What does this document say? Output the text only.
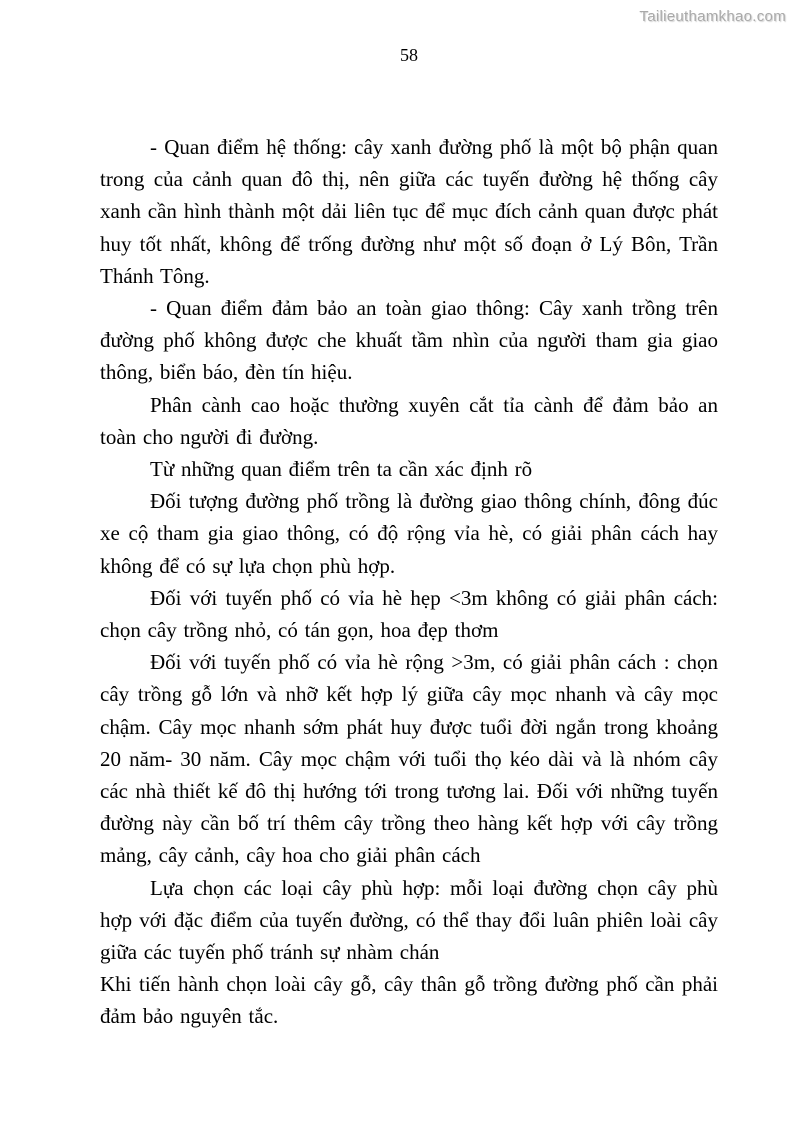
Tailieuthamkhao.com
58

- Quan điểm hệ thống: cây xanh đường phố là một bộ phận quan trong của cảnh quan đô thị, nên giữa các tuyến đường hệ thống cây xanh cần hình thành một dải liên tục để mục đích cảnh quan được phát huy tốt nhất, không để trống đường như một số đoạn ở Lý Bôn, Trần Thánh Tông.

- Quan điểm đảm bảo an toàn giao thông: Cây xanh trồng trên đường phố không được che khuất tầm nhìn của người tham gia giao thông, biển báo, đèn tín hiệu.

Phân cành cao hoặc thường xuyên cắt tỉa cành để đảm bảo an toàn cho người đi đường.

Từ những quan điểm trên ta cần xác định rõ

Đối tượng đường phố trồng là đường giao thông chính, đông đúc xe cộ tham gia giao thông, có độ rộng vỉa hè, có giải phân cách hay không để có sự lựa chọn phù hợp.

Đối với tuyến phố có vỉa hè hẹp <3m không có giải phân cách: chọn cây trồng nhỏ, có tán gọn, hoa đẹp thơm

Đối với tuyến phố có vỉa hè rộng >3m, có giải phân cách : chọn cây trồng gỗ lớn và nhỡ kết hợp lý giữa cây mọc nhanh và cây mọc chậm. Cây mọc nhanh sớm phát huy được tuổi đời ngắn trong khoảng 20 năm- 30 năm. Cây mọc chậm với tuổi thọ kéo dài và là nhóm cây các nhà thiết kế đô thị hướng tới trong tương lai. Đối với những tuyến đường này cần bố trí thêm cây trồng theo hàng kết hợp với cây trồng mảng, cây cảnh, cây hoa cho giải phân cách

Lựa chọn các loại cây phù hợp: mỗi loại đường chọn cây phù hợp với đặc điểm của tuyến đường, có thể thay đổi luân phiên loài cây giữa các tuyến phố tránh sự nhàm chán

Khi tiến hành chọn loài cây gỗ, cây thân gỗ trồng đường phố cần phải đảm bảo nguyên tắc.
